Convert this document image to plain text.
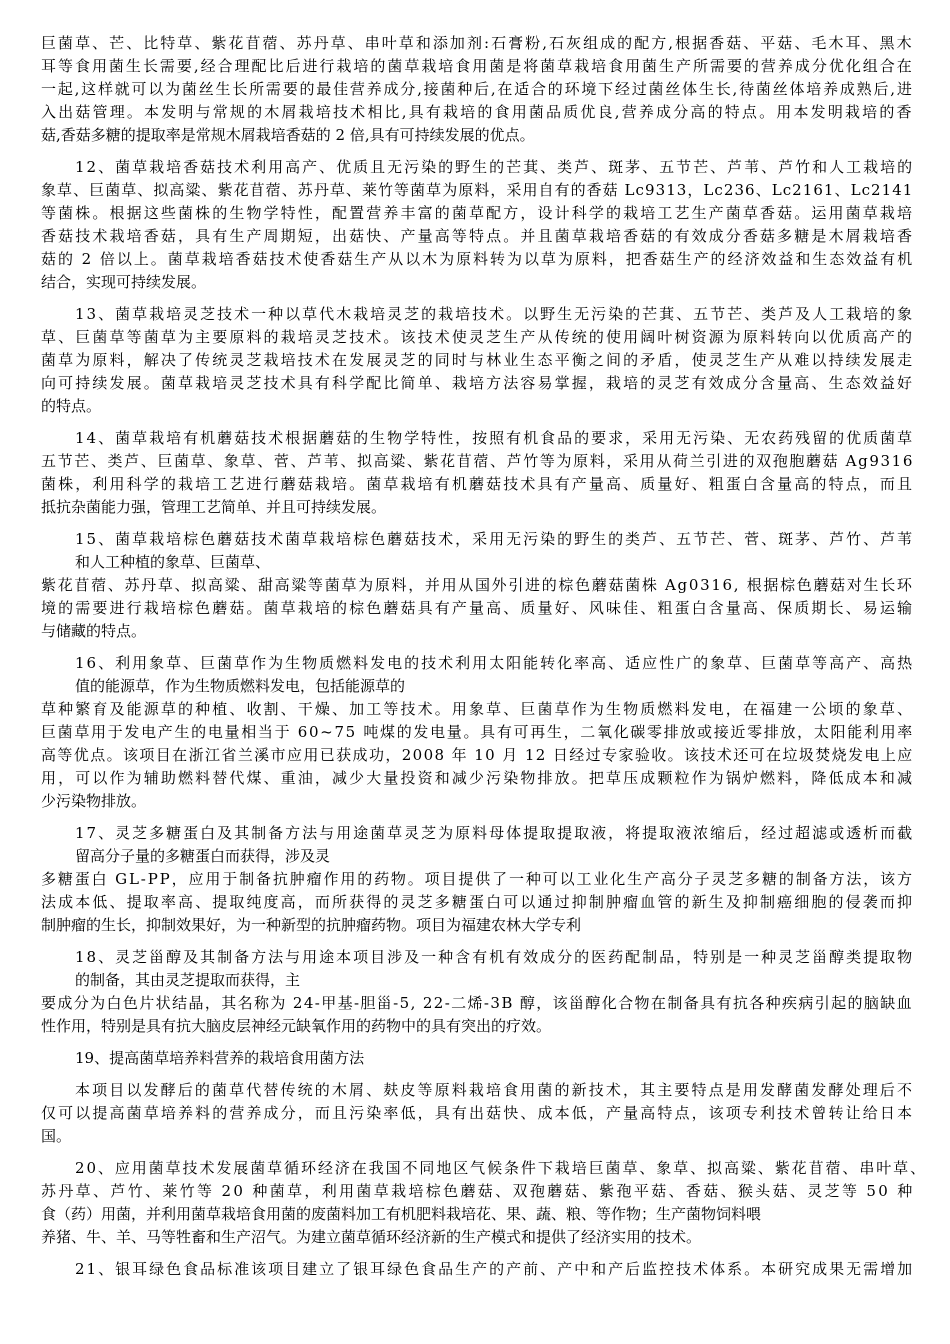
巨菌草、芒、比特草、紫花苜蓿、苏丹草、串叶草和添加剂:石膏粉,石灰组成的配方,根据香菇、平菇、毛木耳、黑木
耳等食用菌生长需要,经合理配比后进行栽培的菌草栽培食用菌是将菌草栽培食用菌生产所需要的营养成分优化组合在
一起,这样就可以为菌丝生长所需要的最佳营养成分,接菌种后,在适合的环境下经过菌丝体生长,待菌丝体培养成熟后,进
入出菇管理。本发明与常规的木屑栽培技术相比,具有栽培的食用菌品质优良,营养成分高的特点。用本发明栽培的香
菇,香菇多糖的提取率是常规木屑栽培香菇的 2 倍,具有可持续发展的优点。
12、菌草栽培香菇技术利用高产、优质且无污染的野生的芒萁、类芦、斑茅、五节芒、芦苇、芦竹和人工栽培的
象草、巨菌草、拟高粱、紫花苜蓿、苏丹草、莱竹等菌草为原料，采用自有的香菇 Lc9313，Lc236、Lc2161、Lc2141
等菌株。根据这些菌株的生物学特性，配置营养丰富的菌草配方，设计科学的栽培工艺生产菌草香菇。运用菌草栽培
香菇技术栽培香菇，具有生产周期短，出菇快、产量高等特点。并且菌草栽培香菇的有效成分香菇多糖是木屑栽培香
菇的 2 倍以上。菌草栽培香菇技术使香菇生产从以木为原料转为以草为原料，把香菇生产的经济效益和生态效益有机
结合，实现可持续发展。
13、菌草栽培灵芝技术一种以草代木栽培灵芝的栽培技术。以野生无污染的芒萁、五节芒、类芦及人工栽培的象
草、巨菌草等菌草为主要原料的栽培灵芝技术。该技术使灵芝生产从传统的使用阔叶树资源为原料转向以优质高产的
菌草为原料，解决了传统灵芝栽培技术在发展灵芝的同时与林业生态平衡之间的矛盾，使灵芝生产从难以持续发展走
向可持续发展。菌草栽培灵芝技术具有科学配比简单、栽培方法容易掌握，栽培的灵芝有效成分含量高、生态效益好
的特点。
14、菌草栽培有机蘑菇技术根据蘑菇的生物学特性，按照有机食品的要求，采用无污染、无农药残留的优质菌草
五节芒、类芦、巨菌草、象草、菅、芦苇、拟高粱、紫花苜蓿、芦竹等为原料，采用从荷兰引进的双孢胞蘑菇 Ag9316
菌株，利用科学的栽培工艺进行蘑菇栽培。菌草栽培有机蘑菇技术具有产量高、质量好、粗蛋白含量高的特点，而且
抵抗杂菌能力强，管理工艺简单、并且可持续发展。
15、菌草栽培棕色蘑菇技术菌草栽培棕色蘑菇技术，采用无污染的野生的类芦、五节芒、菅、斑茅、芦竹、芦苇
和人工种植的象草、巨菌草、
紫花苜蓿、苏丹草、拟高粱、甜高粱等菌草为原料，并用从国外引进的棕色蘑菇菌株 Ag0316, 根据棕色蘑菇对生长环
境的需要进行栽培棕色蘑菇。菌草栽培的棕色蘑菇具有产量高、质量好、风味佳、粗蛋白含量高、保质期长、易运输
与储藏的特点。
16、利用象草、巨菌草作为生物质燃料发电的技术利用太阳能转化率高、适应性广的象草、巨菌草等高产、高热
值的能源草，作为生物质燃料发电，包括能源草的
草种繁育及能源草的种植、收割、干燥、加工等技术。用象草、巨菌草作为生物质燃料发电，在福建一公顷的象草、
巨菌草用于发电产生的电量相当于 60~75 吨煤的发电量。具有可再生，二氧化碳零排放或接近零排放，太阳能利用率
高等优点。该项目在浙江省兰溪市应用已获成功，2008 年 10 月 12 日经过专家验收。该技术还可在垃圾焚烧发电上应
用，可以作为辅助燃料替代煤、重油，减少大量投资和减少污染物排放。把草压成颗粒作为锅炉燃料，降低成本和减
少污染物排放。
17、灵芝多糖蛋白及其制备方法与用途菌草灵芝为原料母体提取提取液，将提取液浓缩后，经过超滤或透析而截
留高分子量的多糖蛋白而获得，涉及灵
多糖蛋白 GL-PP，应用于制备抗肿瘤作用的药物。项目提供了一种可以工业化生产高分子灵芝多糖的制备方法，该方
法成本低、提取率高、提取纯度高，而所获得的灵芝多糖蛋白可以通过抑制肿瘤血管的新生及抑制癌细胞的侵袭而抑
制肿瘤的生长，抑制效果好，为一种新型的抗肿瘤药物。项目为福建农林大学专利
18、灵芝甾醇及其制备方法与用途本项目涉及一种含有机有效成分的医药配制品，特别是一种灵芝甾醇类提取物
的制备，其由灵芝提取而获得，主
要成分为白色片状结晶，其名称为 24-甲基-胆甾-5, 22-二烯-3B 醇，该甾醇化合物在制备具有抗各种疾病引起的脑缺血
性作用，特别是具有抗大脑皮层神经元缺氧作用的药物中的具有突出的疗效。
19、提高菌草培养料营养的栽培食用菌方法
本项目以发酵后的菌草代替传统的木屑、麸皮等原料栽培食用菌的新技术，其主要特点是用发酵菌发酵处理后不
仅可以提高菌草培养料的营养成分，而且污染率低，具有出菇快、成本低，产量高特点，该项专利技术曾转让给日本
国。
20、应用菌草技术发展菌草循环经济在我国不同地区气候条件下栽培巨菌草、象草、拟高粱、紫花苜蓿、串叶草、
苏丹草、芦竹、莱竹等 20 种菌草，利用菌草栽培棕色蘑菇、双孢蘑菇、紫孢平菇、香菇、猴头菇、灵芝等 50 种
食（药）用菌，并利用菌草栽培食用菌的废菌料加工有机肥料栽培花、果、蔬、粮、等作物；生产菌物饲料喂
养猪、牛、羊、马等牲畜和生产沼气。为建立菌草循环经济新的生产模式和提供了经济实用的技术。
21、银耳绿色食品标准该项目建立了银耳绿色食品生产的产前、产中和产后监控技术体系。本研究成果无需增加
